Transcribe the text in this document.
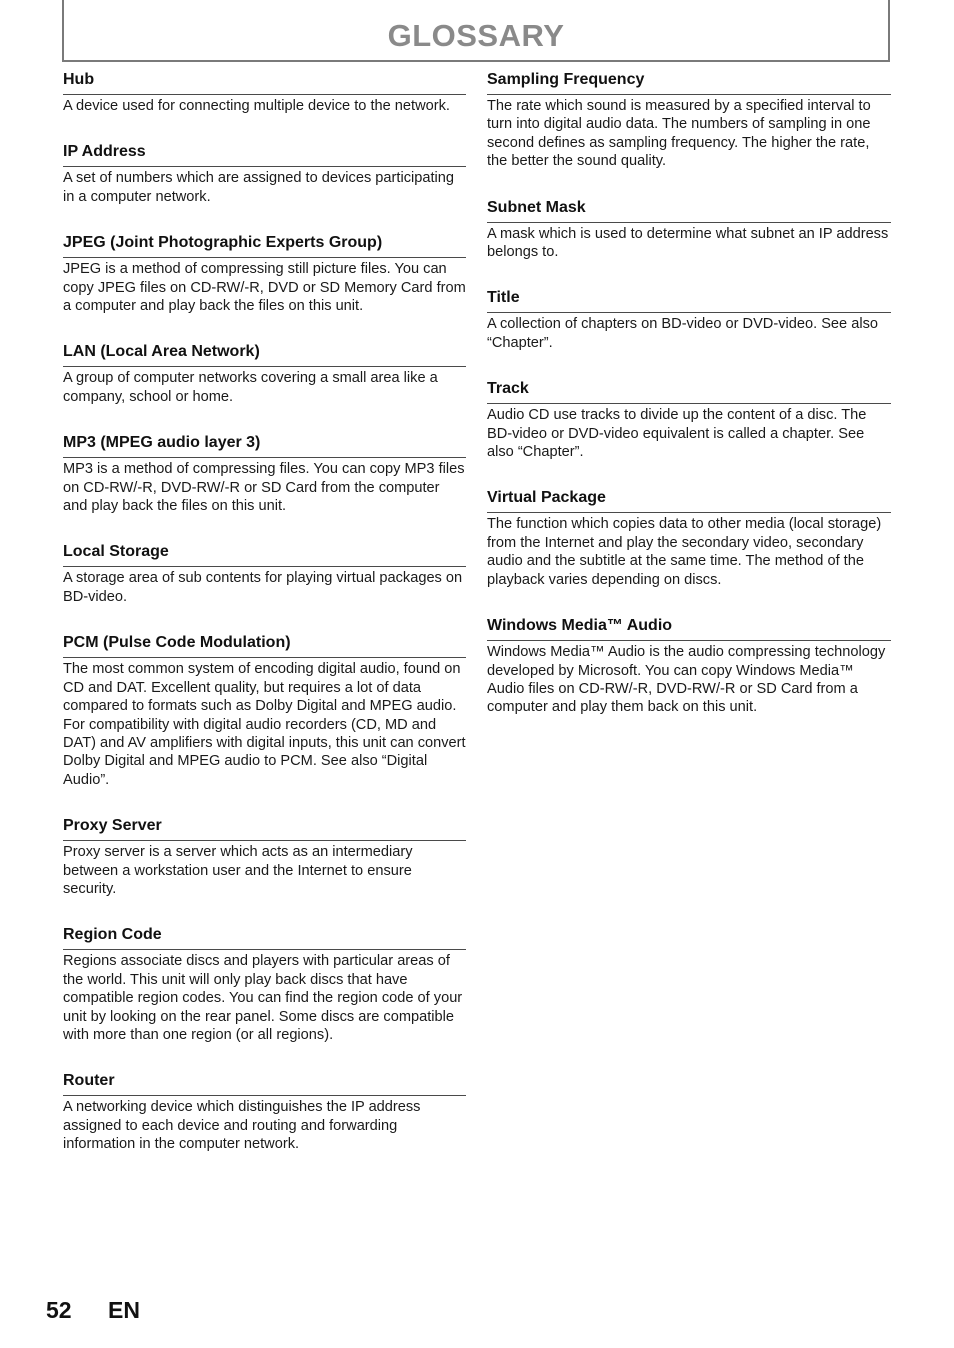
GLOSSARY
Hub
A device used for connecting multiple device to the network.
IP Address
A set of numbers which are assigned to devices participating in a computer network.
JPEG (Joint Photographic Experts Group)
JPEG is a method of compressing still picture files. You can copy JPEG files on CD-RW/-R, DVD or SD Memory Card from a computer and play back the files on this unit.
LAN (Local Area Network)
A group of computer networks covering a small area like a company, school or home.
MP3 (MPEG audio layer 3)
MP3 is a method of compressing files. You can copy MP3 files on CD-RW/-R, DVD-RW/-R or SD Card from the computer and play back the files on this unit.
Local Storage
A storage area of sub contents for playing virtual packages on BD-video.
PCM (Pulse Code Modulation)
The most common system of encoding digital audio, found on CD and DAT. Excellent quality, but requires a lot of data compared to formats such as Dolby Digital and MPEG audio. For compatibility with digital audio recorders (CD, MD and DAT) and AV amplifiers with digital inputs, this unit can convert Dolby Digital and MPEG audio to PCM. See also “Digital Audio”.
Proxy Server
Proxy server is a server which acts as an intermediary between a workstation user and the Internet to ensure security.
Region Code
Regions associate discs and players with particular areas of the world. This unit will only play back discs that have compatible region codes. You can find the region code of your unit by looking on the rear panel. Some discs are compatible with more than one region (or all regions).
Router
A networking device which distinguishes the IP address assigned to each device and routing and forwarding information in the computer network.
Sampling Frequency
The rate which sound is measured by a specified interval to turn into digital audio data. The numbers of sampling in one second defines as sampling frequency. The higher the rate, the better the sound quality.
Subnet Mask
A mask which is used to determine what subnet an IP address belongs to.
Title
A collection of chapters on BD-video or DVD-video. See also “Chapter”.
Track
Audio CD use tracks to divide up the content of a disc. The BD-video or DVD-video equivalent is called a chapter. See also “Chapter”.
Virtual Package
The function which copies data to other media (local storage) from the Internet and play the secondary video, secondary audio and the subtitle at the same time. The method of the playback varies depending on discs.
Windows Media™ Audio
Windows Media™ Audio is the audio compressing technology developed by Microsoft. You can copy Windows Media™ Audio files on CD-RW/-R, DVD-RW/-R or SD Card from a computer and play them back on this unit.
52 EN
